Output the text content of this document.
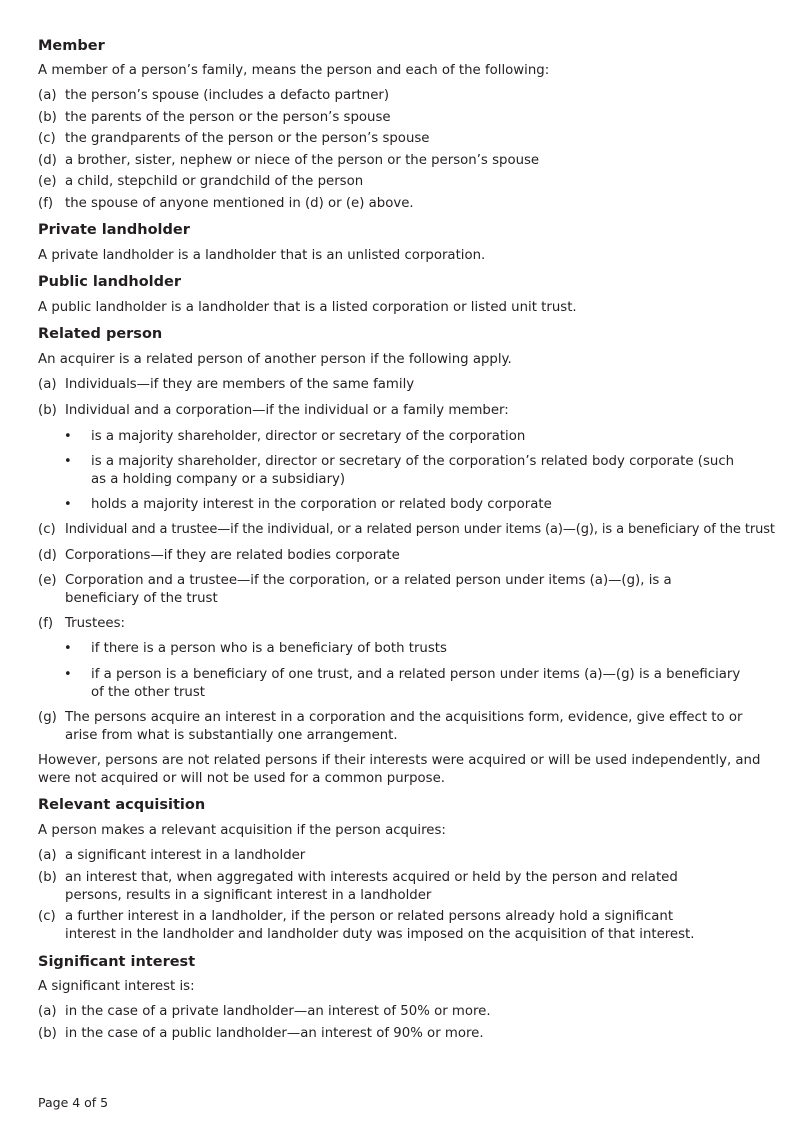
Member
A member of a person’s family, means the person and each of the following:
(a) the person’s spouse (includes a defacto partner)
(b) the parents of the person or the person’s spouse
(c) the grandparents of the person or the person’s spouse
(d) a brother, sister, nephew or niece of the person or the person’s spouse
(e) a child, stepchild or grandchild of the person
(f) the spouse of anyone mentioned in (d) or (e) above.
Private landholder
A private landholder is a landholder that is an unlisted corporation.
Public landholder
A public landholder is a landholder that is a listed corporation or listed unit trust.
Related person
An acquirer is a related person of another person if the following apply.
(a) Individuals—if they are members of the same family
(b) Individual and a corporation—if the individual or a family member:
• is a majority shareholder, director or secretary of the corporation
• is a majority shareholder, director or secretary of the corporation’s related body corporate (such as a holding company or a subsidiary)
• holds a majority interest in the corporation or related body corporate
(c) Individual and a trustee—if the individual, or a related person under items (a)—(g), is a beneficiary of the trust
(d) Corporations—if they are related bodies corporate
(e) Corporation and a trustee—if the corporation, or a related person under items (a)—(g), is a beneficiary of the trust
(f) Trustees:
• if there is a person who is a beneficiary of both trusts
• if a person is a beneficiary of one trust, and a related person under items (a)—(g) is a beneficiary of the other trust
(g) The persons acquire an interest in a corporation and the acquisitions form, evidence, give effect to or arise from what is substantially one arrangement.
However, persons are not related persons if their interests were acquired or will be used independently, and were not acquired or will not be used for a common purpose.
Relevant acquisition
A person makes a relevant acquisition if the person acquires:
(a) a significant interest in a landholder
(b) an interest that, when aggregated with interests acquired or held by the person and related persons, results in a significant interest in a landholder
(c) a further interest in a landholder, if the person or related persons already hold a significant interest in the landholder and landholder duty was imposed on the acquisition of that interest.
Significant interest
A significant interest is:
(a) in the case of a private landholder—an interest of 50% or more.
(b) in the case of a public landholder—an interest of 90% or more.
Page 4 of 5
